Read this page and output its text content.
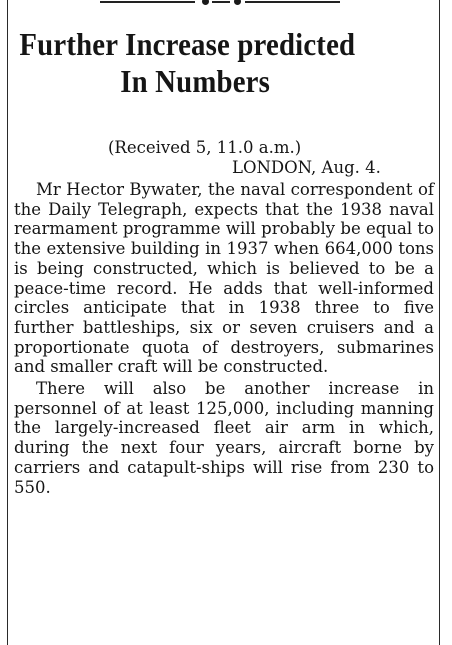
Further Increase predicted
In Numbers
(Received 5, 11.0 a.m.)
LONDON, Aug. 4.

Mr Hector Bywater, the naval correspondent of the Daily Telegraph, expects that the 1938 naval rearmament programme will probably be equal to the extensive building in 1937 when 664,000 tons is being constructed, which is believed to be a peace-time record. He adds that well-informed circles anticipate that in 1938 three to five further battleships, six or seven cruisers and a proportionate quota of destroyers, submarines and smaller craft will be constructed.

There will also be another increase in personnel of at least 125,000, including manning the largely-increased fleet air arm in which, during the next four years, aircraft borne by carriers and catapult-ships will rise from 230 to 550.
